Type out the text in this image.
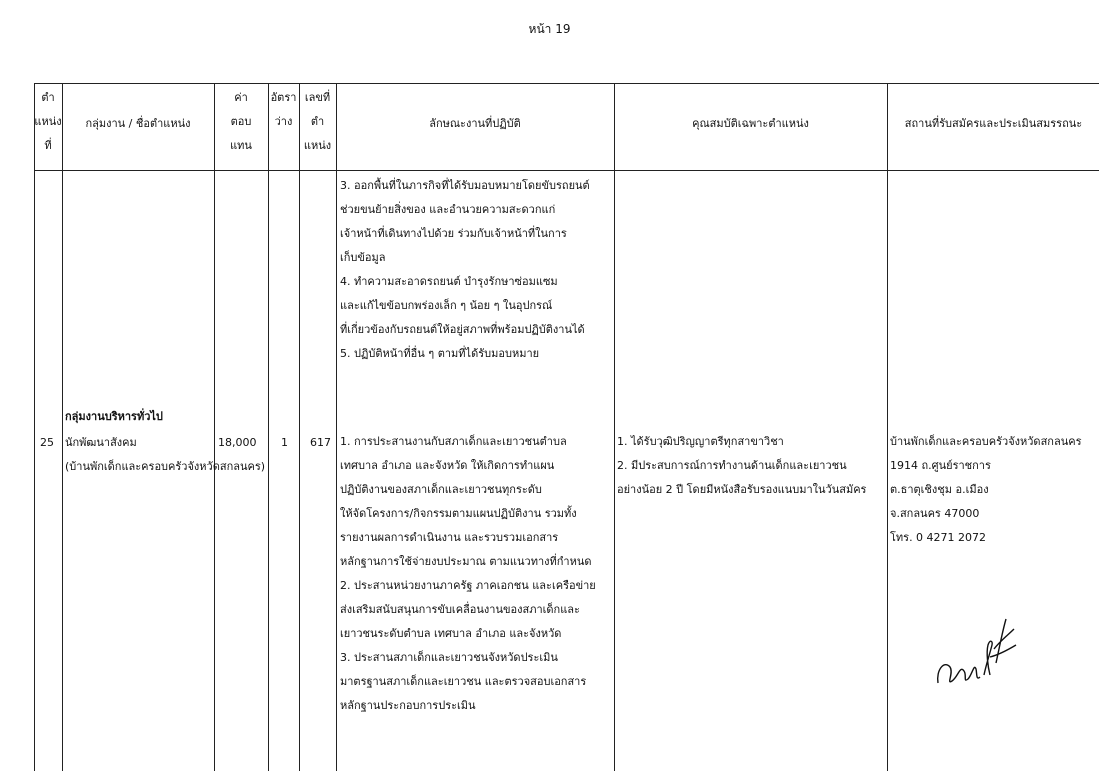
หน้า 19
ตำ
แหน่ง
ที่
กลุ่มงาน / ชื่อตำแหน่ง
ค่า
ตอบ
แทน
อัตรา
ว่าง
เลขที่
ตำ
แหน่ง
ลักษณะงานที่ปฏิบัติ	คุณสมบัติเฉพาะตำแหน่ง	สถานที่รับสมัครและประเมินสมรรถนะ
3. ออกพื้นที่ในภารกิจที่ได้รับมอบหมายโดยขับรถยนต์
ช่วยขนย้ายสิ่งของ และอำนวยความสะดวกแก่
เจ้าหน้าที่เดินทางไปด้วย ร่วมกับเจ้าหน้าที่ในการ
เก็บข้อมูล
4. ทำความสะอาดรถยนต์ บำรุงรักษาซ่อมแซม
และแก้ไขข้อบกพร่องเล็ก ๆ น้อย ๆ ในอุปกรณ์
ที่เกี่ยวข้องกับรถยนต์ให้อยู่สภาพที่พร้อมปฏิบัติงานได้
5. ปฏิบัติหน้าที่อื่น ๆ ตามที่ได้รับมอบหมาย
กลุ่มงานบริหารทั่วไป
25 นักพัฒนาสังคม
(บ้านพักเด็กและครอบครัวจังหวัดสกลนคร)
18,000 1 617 1. การประสานงานกับสภาเด็กและเยาวชนตำบล
เทศบาล อำเภอ และจังหวัด ให้เกิดการทำแผน
ปฏิบัติงานของสภาเด็กและเยาวชนทุกระดับ
ให้จัดโครงการ/กิจกรรมตามแผนปฏิบัติงาน รวมทั้ง
รายงานผลการดำเนินงาน และรวบรวมเอกสาร
หลักฐานการใช้จ่ายงบประมาณ ตามแนวทางที่กำหนด
2. ประสานหน่วยงานภาครัฐ ภาคเอกชน และเครือข่าย
ส่งเสริมสนับสนุนการขับเคลื่อนงานของสภาเด็กและ
เยาวชนระดับตำบล เทศบาล อำเภอ และจังหวัด
3. ประสานสภาเด็กและเยาวชนจังหวัดประเมิน
มาตรฐานสภาเด็กและเยาวชน และตรวจสอบเอกสาร
หลักฐานประกอบการประเมิน
1. ได้รับวุฒิปริญญาตรีทุกสาขาวิชา
2. มีประสบการณ์การทำงานด้านเด็กและเยาวชน
อย่างน้อย 2 ปี โดยมีหนังสือรับรองแนบมาในวันสมัคร
บ้านพักเด็กและครอบครัวจังหวัดสกลนคร
1914 ถ.ศูนย์ราชการ
ต.ธาตุเชิงชุม อ.เมือง
จ.สกลนคร 47000
โทร. 0 4271 2072
